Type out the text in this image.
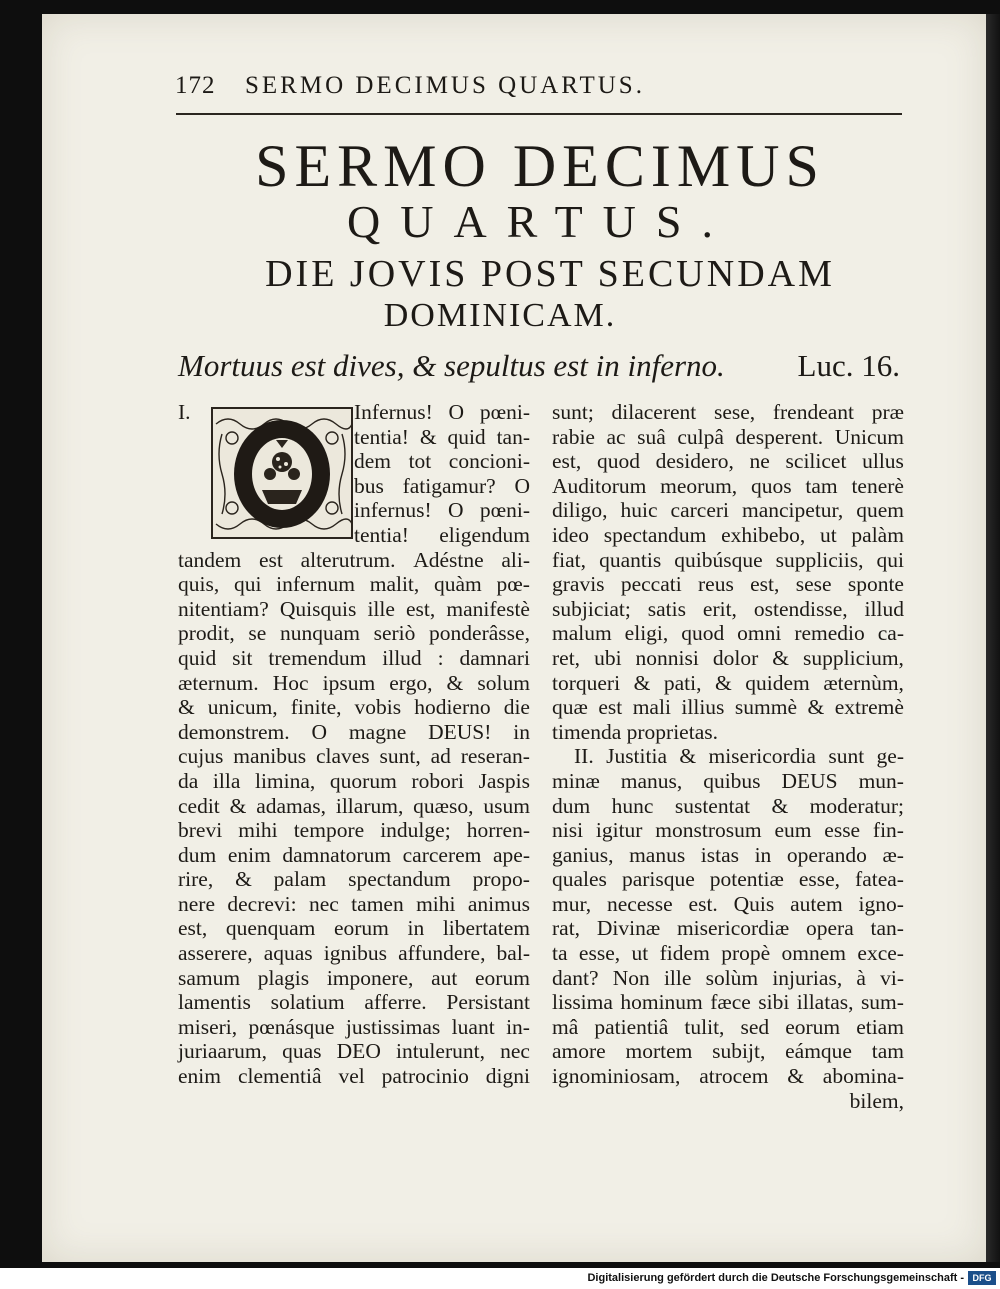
172 SERMO DECIMUS QUARTUS.
SERMO DECIMUS
QUARTUS.
DIE JOVIS POST SECUNDAM
DOMINICAM.
Mortuus est dives, & sepultus est in inferno. Luc. 16.
I.	Infernus! O pœni-
tentia! & quid tan-
dem tot concioni-
bus fatigamur? O
infernus! O pœni-
tentia! eligendum
tandem est alterutrum. Adéstne ali-
quis, qui infernum malit, quàm pœ-
nitentiam? Quisquis ille est, manifestè
prodit, se nunquam seriò ponderâsse,
quid sit tremendum illud : damnari
æternum. Hoc ipsum ergo, & solum
& unicum, finite, vobis hodierno die
demonstrem. O magne DEUS! in
cujus manibus claves sunt, ad reseran-
da illa limina, quorum robori Jaspis
cedit & adamas, illarum, quæso, usum
brevi mihi tempore indulge; horren-
dum enim damnatorum carcerem ape-
rire, & palam spectandum propo-
nere decrevi: nec tamen mihi animus
est, quenquam eorum in libertatem
asserere, aquas ignibus affundere, bal-
samum plagis imponere, aut eorum
lamentis solatium afferre. Persistant
miseri, pœnásque justissimas luant in-
juriaarum, quas DEO intulerunt, nec
enim clementiâ vel patrocinio digni
sunt; dilacerent sese, frendeant præ
rabie ac suâ culpâ desperent. Unicum
est, quod desidero, ne scilicet ullus
Auditorum meorum, quos tam tenerè
diligo, huic carceri mancipetur, quem
ideo spectandum exhibebo, ut palàm
fiat, quantis quibúsque suppliciis, qui
gravis peccati reus est, sese sponte
subjiciat; satis erit, ostendisse, illud
malum eligi, quod omni remedio ca-
ret, ubi nonnisi dolor & supplicium,
torqueri & pati, & quidem æternùm,
quæ est mali illius summè & extremè
timenda proprietas.
II. Justitia & misericordia sunt ge-
minæ manus, quibus DEUS mun-
dum hunc sustentat & moderatur;
nisi igitur monstrosum eum esse fin-
ganius, manus istas in operando æ-
quales parisque potentiæ esse, fatea-
mur, necesse est. Quis autem igno-
rat, Divinæ misericordiæ opera tan-
ta esse, ut fidem propè omnem exce-
dant? Non ille solùm injurias, à vi-
lissima hominum fæce sibi illatas, sum-
mâ patientiâ tulit, sed eorum etiam
amore mortem subijt, eámque tam
ignominiosam, atrocem & abomina-
bilem,
Digitalisierung gefördert durch die Deutsche Forschungsgemeinschaft - DFG
